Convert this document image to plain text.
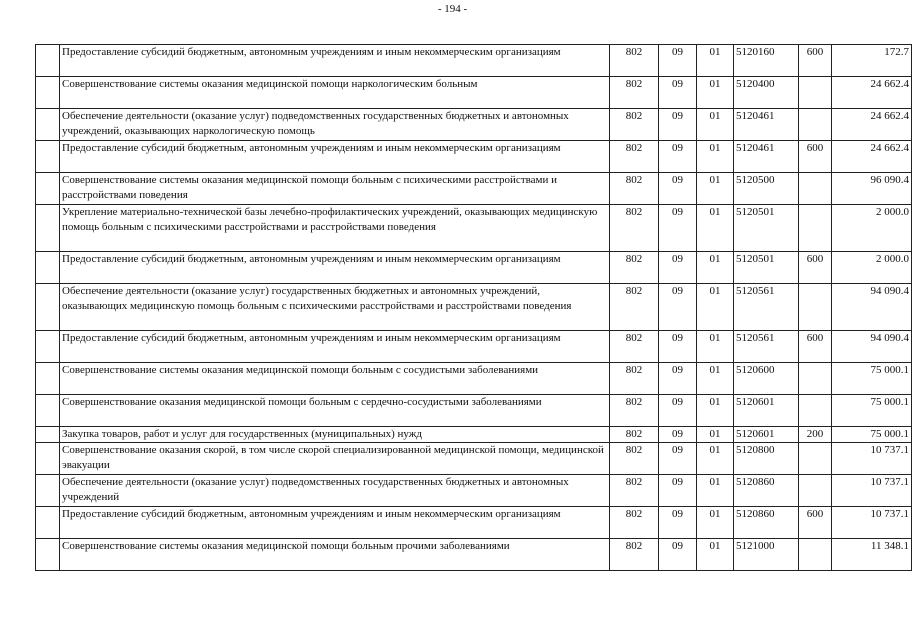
- 194 -
	Предоставление субсидий бюджетным, автономным учреждениям и иным некоммерческим организациям	802	09	01	5120160	600	172.7
	Совершенствование системы оказания медицинской помощи наркологическим больным	802	09	01	5120400		24 662.4
	Обеспечение деятельности (оказание услуг) подведомственных государственных бюджетных и автономных учреждений, оказывающих наркологическую помощь	802	09	01	5120461		24 662.4
	Предоставление субсидий бюджетным, автономным учреждениям и иным некоммерческим организациям	802	09	01	5120461	600	24 662.4
	Совершенствование системы оказания медицинской помощи больным с психическими расстройствами и расстройствами поведения	802	09	01	5120500		96 090.4
	Укрепление материально-технической базы лечебно-профилактических учреждений, оказывающих медицинскую помощь больным с психическими расстройствами и расстройствами поведения	802	09	01	5120501		2 000.0
	Предоставление субсидий бюджетным, автономным учреждениям и иным некоммерческим организациям	802	09	01	5120501	600	2 000.0
	Обеспечение деятельности (оказание услуг) государственных бюджетных и автономных учреждений, оказывающих медицинскую помощь больным с психическими расстройствами и расстройствами поведения	802	09	01	5120561		94 090.4
	Предоставление субсидий бюджетным, автономным учреждениям и иным некоммерческим организациям	802	09	01	5120561	600	94 090.4
	Совершенствование системы оказания медицинской помощи больным с сосудистыми заболеваниями	802	09	01	5120600		75 000.1
	Совершенствование оказания медицинской помощи больным с сердечно-сосудистыми заболеваниями	802	09	01	5120601		75 000.1
	Закупка товаров, работ и услуг для государственных (муниципальных) нужд	802	09	01	5120601	200	75 000.1
	Совершенствование оказания скорой, в том числе скорой специализированной медицинской помощи, медицинской эвакуации	802	09	01	5120800		10 737.1
	Обеспечение деятельности (оказание услуг) подведомственных государственных бюджетных и автономных учреждений	802	09	01	5120860		10 737.1
	Предоставление субсидий бюджетным, автономным учреждениям и иным некоммерческим организациям	802	09	01	5120860	600	10 737.1
	Совершенствование системы оказания медицинской помощи больным прочими заболеваниями	802	09	01	5121000		11 348.1
